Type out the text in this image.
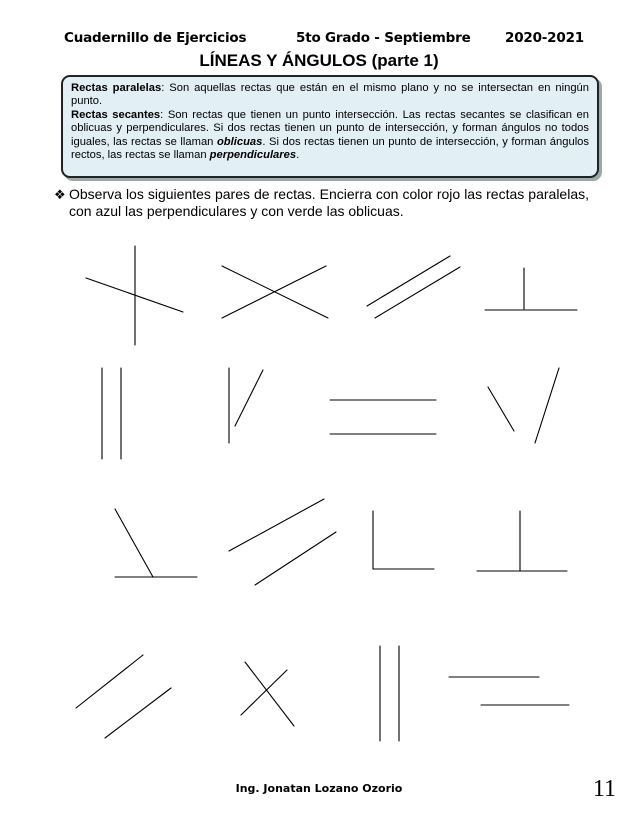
Cuadernillo de Ejercicios	5to Grado - Septiembre	2020-2021
LÍNEAS Y ÁNGULOS (parte 1)

Rectas paralelas: Son aquellas rectas que están en el mismo plano y no se intersectan en ningún punto.

Rectas secantes: Son rectas que tienen un punto intersección. Las rectas secantes se clasifican en oblicuas y perpendiculares. Si dos rectas tienen un punto de intersección, y forman ángulos no todos iguales, las rectas se llaman oblicuas. Si dos rectas tienen un punto de intersección, y forman ángulos rectos, las rectas se llaman perpendiculares.

❖ Observa los siguientes pares de rectas. Encierra con color rojo las rectas paralelas, con azul las perpendiculares y con verde las oblicuas.
Ing. Jonatan Lozano Ozorio	11
